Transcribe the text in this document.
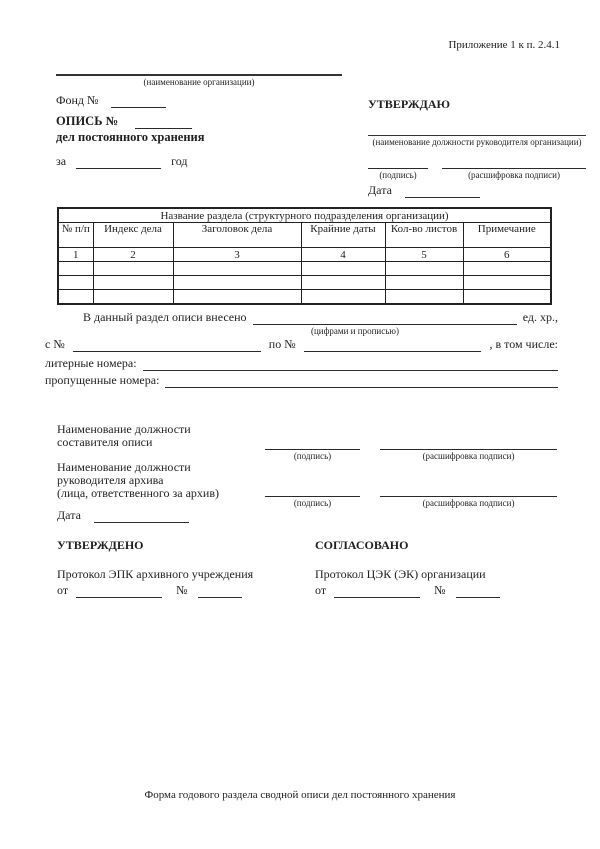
Приложение 1 к п. 2.4.1
(наименование организации)
Фонд №
ОПИСЬ №
дел постоянного хранения
за	год
УТВЕРЖДАЮ
(наименование должности руководителя организации)
(подпись)	(расшифровка подписи)
Дата
Название раздела (структурного подразделения организации)					
№ п/п	Индекс дела	Заголовок дела	Крайние даты	Кол-во листов	Примечание
1	2	3	4	5	6

В данный раздел описи внесено	ед. хр.,
(цифрами и прописью)
с №	по №	, в том числе:
литерные номера:
пропущенные номера:
Наименование должности
составителя описи
(подпись)	(расшифровка подписи)
Наименование должности
руководителя архива
(лица, ответственного за архив)
(подпись)	(расшифровка подписи)
Дата
УТВЕРЖДЕНО
Протокол ЭПК архивного учреждения
от	№
СОГЛАСОВАНО
Протокол ЦЭК (ЭК) организации
от	№
Форма годового раздела сводной описи дел постоянного хранения
